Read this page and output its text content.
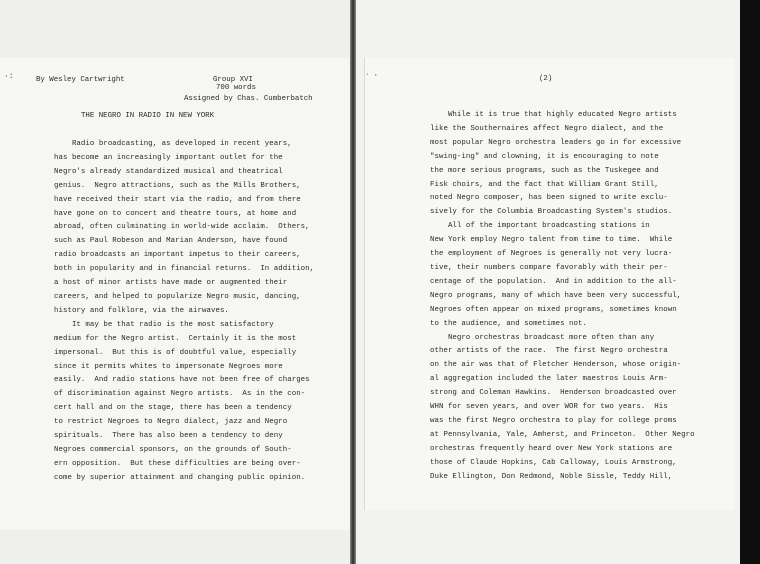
·:	By Wesley Cartwright	Group XVI
700 words
Assigned by Chas. Cumberbatch
THE NEGRO IN RADIO IN NEW YORK
Radio broadcasting, as developed in recent years,
has become an increasingly important outlet for the
Negro's already standardized musical and theatrical
genius.  Negro attractions, such as the Mills Brothers,
have received their start via the radio, and from there
have gone on to concert and theatre tours, at home and
abroad, often culminating in world-wide acclaim.  Others,
such as Paul Robeson and Marian Anderson, have found
radio broadcasts an important impetus to their careers,
both in popularity and in financial returns.  In addition,
a host of minor artists have made or augmented their
careers, and helped to popularize Negro music, dancing,
history and folklore, via the airwaves.
It may be that radio is the most satisfactory
medium for the Negro artist.  Certainly it is the most
impersonal.  But this is of doubtful value, especially
since it permits whites to impersonate Negroes more
easily.  And radio stations have not been free of charges
of discrimination against Negro artists.  As in the con-
cert hall and on the stage, there has been a tendency
to restrict Negroes to Negro dialect, jazz and Negro
spirituals.  There has also been a tendency to deny
Negroes commercial sponsors, on the grounds of South-
ern opposition.  But these difficulties are being over-
come by superior attainment and changing public opinion.
‧ ·	(2)
While it is true that highly educated Negro artists
like the Southernaires affect Negro dialect, and the
most popular Negro orchestra leaders go in for excessive
"swing-ing" and clowning, it is encouraging to note
the more serious programs, such as the Tuskegee and
Fisk choirs, and the fact that William Grant Still,
noted Negro composer, has been signed to write exclu-
sively for the Columbia Broadcasting System's studios.
All of the important broadcasting stations in
New York employ Negro talent from time to time.  While
the employment of Negroes is generally not very lucra-
tive, their numbers compare favorably with their per-
centage of the population.  And in addition to the all-
Negro programs, many of which have been very successful,
Negroes often appear on mixed programs, sometimes known
to the audience, and sometimes not.
Negro orchestras broadcast more often than any
other artists of the race.  The first Negro orchestra
on the air was that of Fletcher Henderson, whose origin-
al aggregation included the later maestros Louis Arm-
strong and Coleman Hawkins.  Henderson broadcasted over
WHN for seven years, and over WOR for two years.  His
was the first Negro orchestra to play for college proms
at Pennsylvania, Yale, Amherst, and Princeton.  Other Negro
orchestras frequently heard over New York stations are
those of Claude Hopkins, Cab Calloway, Louis Armstrong,
Duke Ellington, Don Redmond, Noble Sissle, Teddy Hill,
